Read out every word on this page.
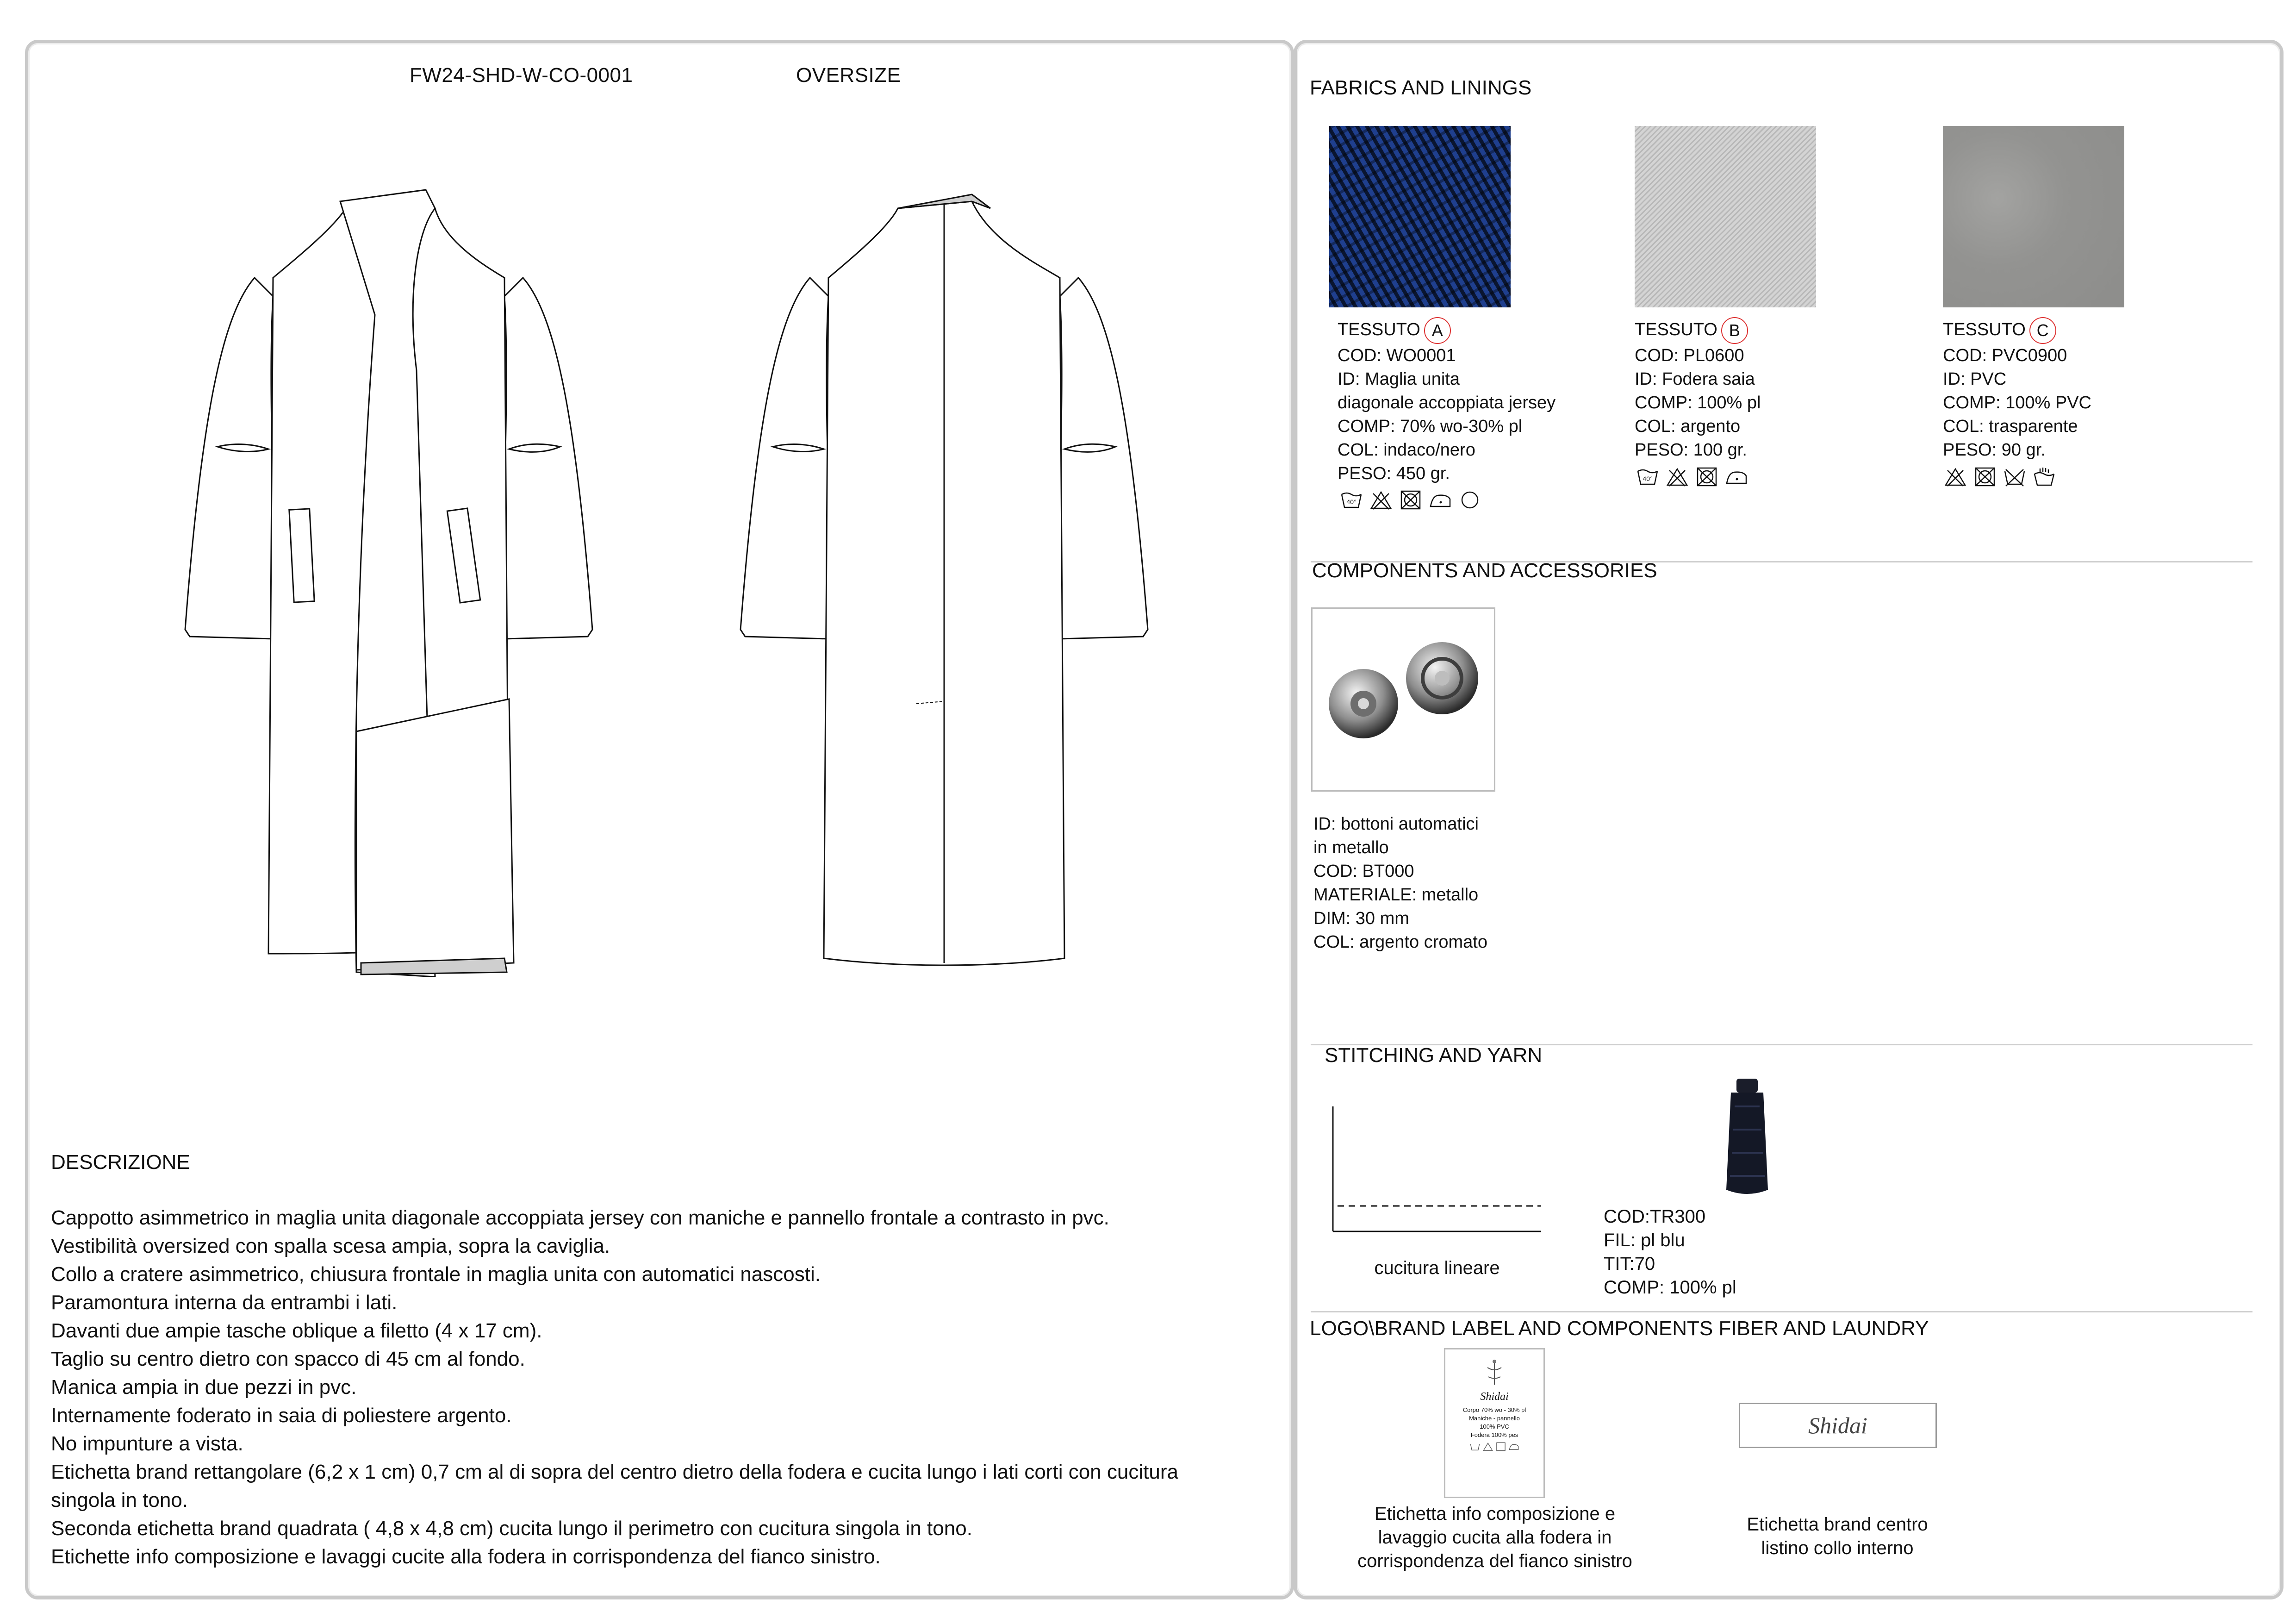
FW24-SHD-W-CO-0001	OVERSIZE
DESCRIZIONE
Cappotto asimmetrico in maglia unita diagonale accoppiata jersey con maniche e pannello frontale a contrasto in pvc.
Vestibilità oversized con spalla scesa ampia, sopra la caviglia.
Collo a cratere asimmetrico, chiusura frontale in maglia unita con automatici nascosti.
Paramontura interna da entrambi i lati.
Davanti due ampie tasche oblique a filetto (4 x 17 cm).
Taglio su centro dietro con spacco di 45 cm al fondo.
Manica ampia in due pezzi in pvc.
Internamente foderato in saia di poliestere argento.
No impunture a vista.
Etichetta brand rettangolare (6,2 x 1 cm) 0,7 cm al di sopra del centro dietro della fodera e cucita lungo i lati corti con cucitura
singola in tono.
Seconda etichetta brand quadrata ( 4,8 x 4,8 cm) cucita lungo il perimetro con cucitura singola in tono.
Etichette info composizione e lavaggi cucite alla fodera in corrispondenza del fianco sinistro.
FABRICS AND LININGS
TESSUTO A
COD: WO0001
ID: Maglia unita
diagonale accoppiata jersey
COMP: 70% wo-30% pl
COL: indaco/nero
PESO: 450 gr.
40°
TESSUTO B
COD: PL0600
ID: Fodera saia
COMP: 100% pl
COL: argento
PESO: 100 gr.
40°
TESSUTO C
COD: PVC0900
ID: PVC
COMP: 100% PVC
COL: trasparente
PESO: 90 gr.
COMPONENTS AND ACCESSORIES
ID: bottoni automatici
in metallo
COD: BT000
MATERIALE: metallo
DIM: 30 mm
COL: argento cromato
STITCHING AND YARN
cucitura lineare
COD:TR300
FIL: pl blu
TIT:70
COMP: 100% pl
LOGO\BRAND LABEL AND COMPONENTS FIBER AND LAUNDRY
Shidai
Corpo 70% wo - 30% pl
Maniche - pannello
100% PVC
Fodera 100% pes
Etichetta info composizione e
lavaggio cucita alla fodera in
corrispondenza del fianco sinistro
Shidai
Etichetta brand centro
listino collo interno
